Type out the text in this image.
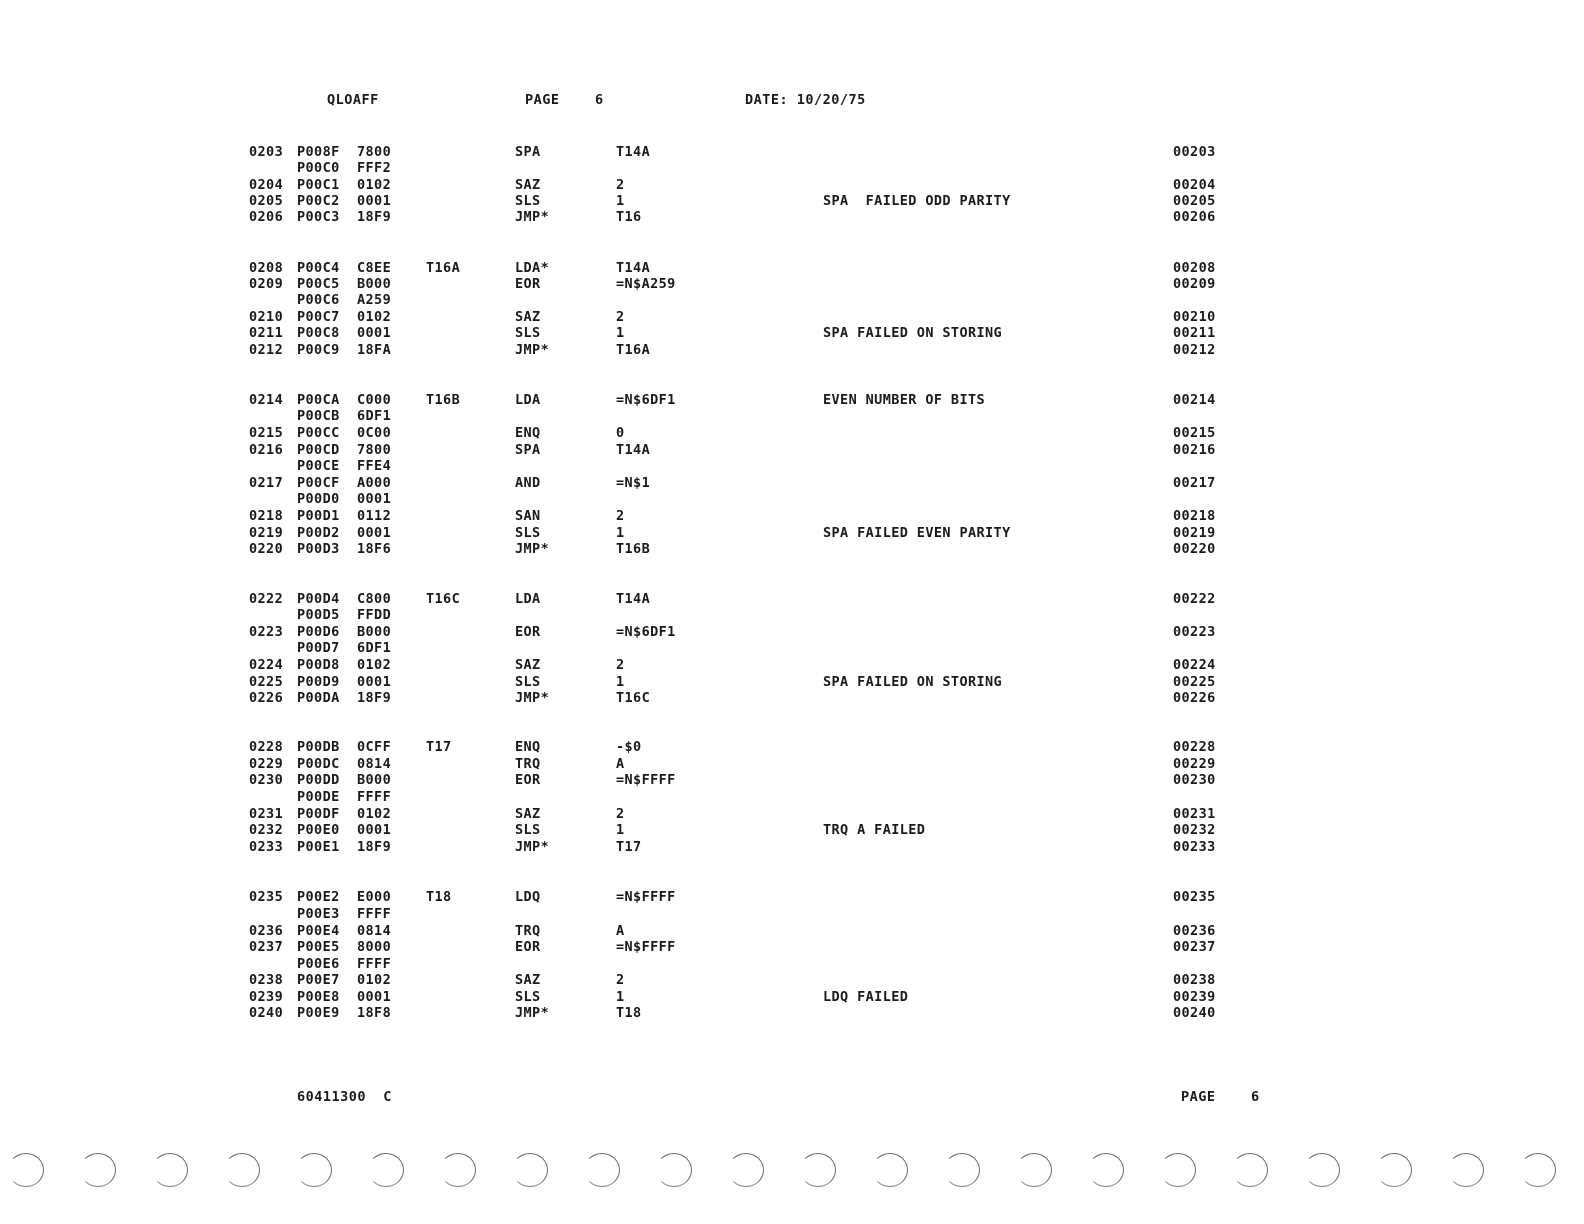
QLOAFF	PAGE	6	DATE: 10/20/75
0203 P008F 7800	SPA	T14A	00203
P00C0 FFF2
0204 P00C1 0102	SAZ	2	00204
0205 P00C2 0001	SLS	1	SPA  FAILED ODD PARITY	00205
0206 P00C3 18F9	JMP*	T16	00206
0208 P00C4 C8EE	T16A	LDA*	T14A	00208
0209 P00C5 B000	EOR	=N$A259	00209
P00C6 A259
0210 P00C7 0102	SAZ	2	00210
0211 P00C8 0001	SLS	1	SPA FAILED ON STORING	00211
0212 P00C9 18FA	JMP*	T16A	00212
0214 P00CA C000	T16B	LDA	=N$6DF1	EVEN NUMBER OF BITS	00214
P00CB 6DF1
0215 P00CC 0C00	ENQ	0	00215
0216 P00CD 7800	SPA	T14A	00216
P00CE FFE4
0217 P00CF A000	AND	=N$1	00217
P00D0 0001
0218 P00D1 0112	SAN	2	00218
0219 P00D2 0001	SLS	1	SPA FAILED EVEN PARITY	00219
0220 P00D3 18F6	JMP*	T16B	00220
0222 P00D4 C800	T16C	LDA	T14A	00222
P00D5 FFDD
0223 P00D6 B000	EOR	=N$6DF1	00223
P00D7 6DF1
0224 P00D8 0102	SAZ	2	00224
0225 P00D9 0001	SLS	1	SPA FAILED ON STORING	00225
0226 P00DA 18F9	JMP*	T16C	00226
0228 P00DB 0CFF	T17	ENQ	-$0	00228
0229 P00DC 0814	TRQ	A	00229
0230 P00DD B000	EOR	=N$FFFF	00230
P00DE FFFF
0231 P00DF 0102	SAZ	2	00231
0232 P00E0 0001	SLS	1	TRQ A FAILED	00232
0233 P00E1 18F9	JMP*	T17	00233
0235 P00E2 E000	T18	LDQ	=N$FFFF	00235
P00E3 FFFF
0236 P00E4 0814	TRQ	A	00236
0237 P00E5 8000	EOR	=N$FFFF	00237
P00E6 FFFF
0238 P00E7 0102	SAZ	2	00238
0239 P00E8 0001	SLS	1	LDQ FAILED	00239
0240 P00E9 18F8	JMP*	T18	00240
60411300  C	PAGE	6
